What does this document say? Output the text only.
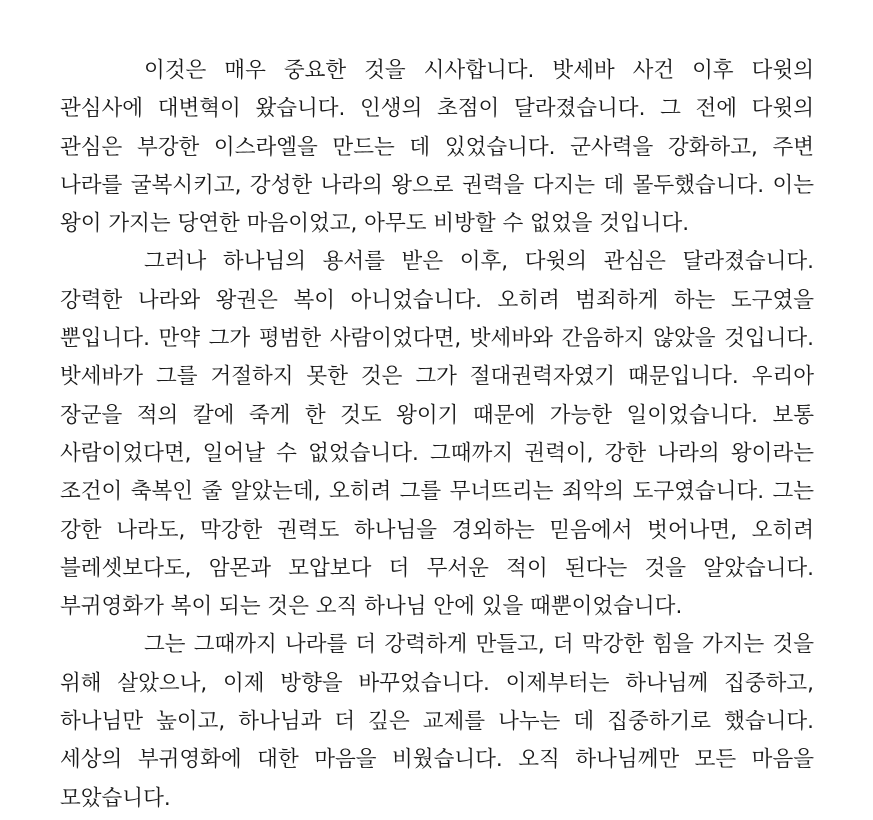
이것은 매우 중요한 것을 시사합니다. 밧세바 사건 이후 다윗의 관심사에 대변혁이 왔습니다. 인생의 초점이 달라졌습니다. 그 전에 다윗의 관심은 부강한 이스라엘을 만드는 데 있었습니다. 군사력을 강화하고, 주변 나라를 굴복시키고, 강성한 나라의 왕으로 권력을 다지는 데 몰두했습니다. 이는 왕이 가지는 당연한 마음이었고, 아무도 비방할 수 없었을 것입니다.

그러나 하나님의 용서를 받은 이후, 다윗의 관심은 달라졌습니다. 강력한 나라와 왕권은 복이 아니었습니다. 오히려 범죄하게 하는 도구였을 뿐입니다. 만약 그가 평범한 사람이었다면, 밧세바와 간음하지 않았을 것입니다. 밧세바가 그를 거절하지 못한 것은 그가 절대권력자였기 때문입니다. 우리아 장군을 적의 칼에 죽게 한 것도 왕이기 때문에 가능한 일이었습니다. 보통 사람이었다면, 일어날 수 없었습니다. 그때까지 권력이, 강한 나라의 왕이라는 조건이 축복인 줄 알았는데, 오히려 그를 무너뜨리는 죄악의 도구였습니다. 그는 강한 나라도, 막강한 권력도 하나님을 경외하는 믿음에서 벗어나면, 오히려 블레셋보다도, 암몬과 모압보다 더 무서운 적이 된다는 것을 알았습니다. 부귀영화가 복이 되는 것은 오직 하나님 안에 있을 때뿐이었습니다.

그는 그때까지 나라를 더 강력하게 만들고, 더 막강한 힘을 가지는 것을 위해 살았으나, 이제 방향을 바꾸었습니다. 이제부터는 하나님께 집중하고, 하나님만 높이고, 하나님과 더 깊은 교제를 나누는 데 집중하기로 했습니다. 세상의 부귀영화에 대한 마음을 비웠습니다. 오직 하나님께만 모든 마음을 모았습니다.
